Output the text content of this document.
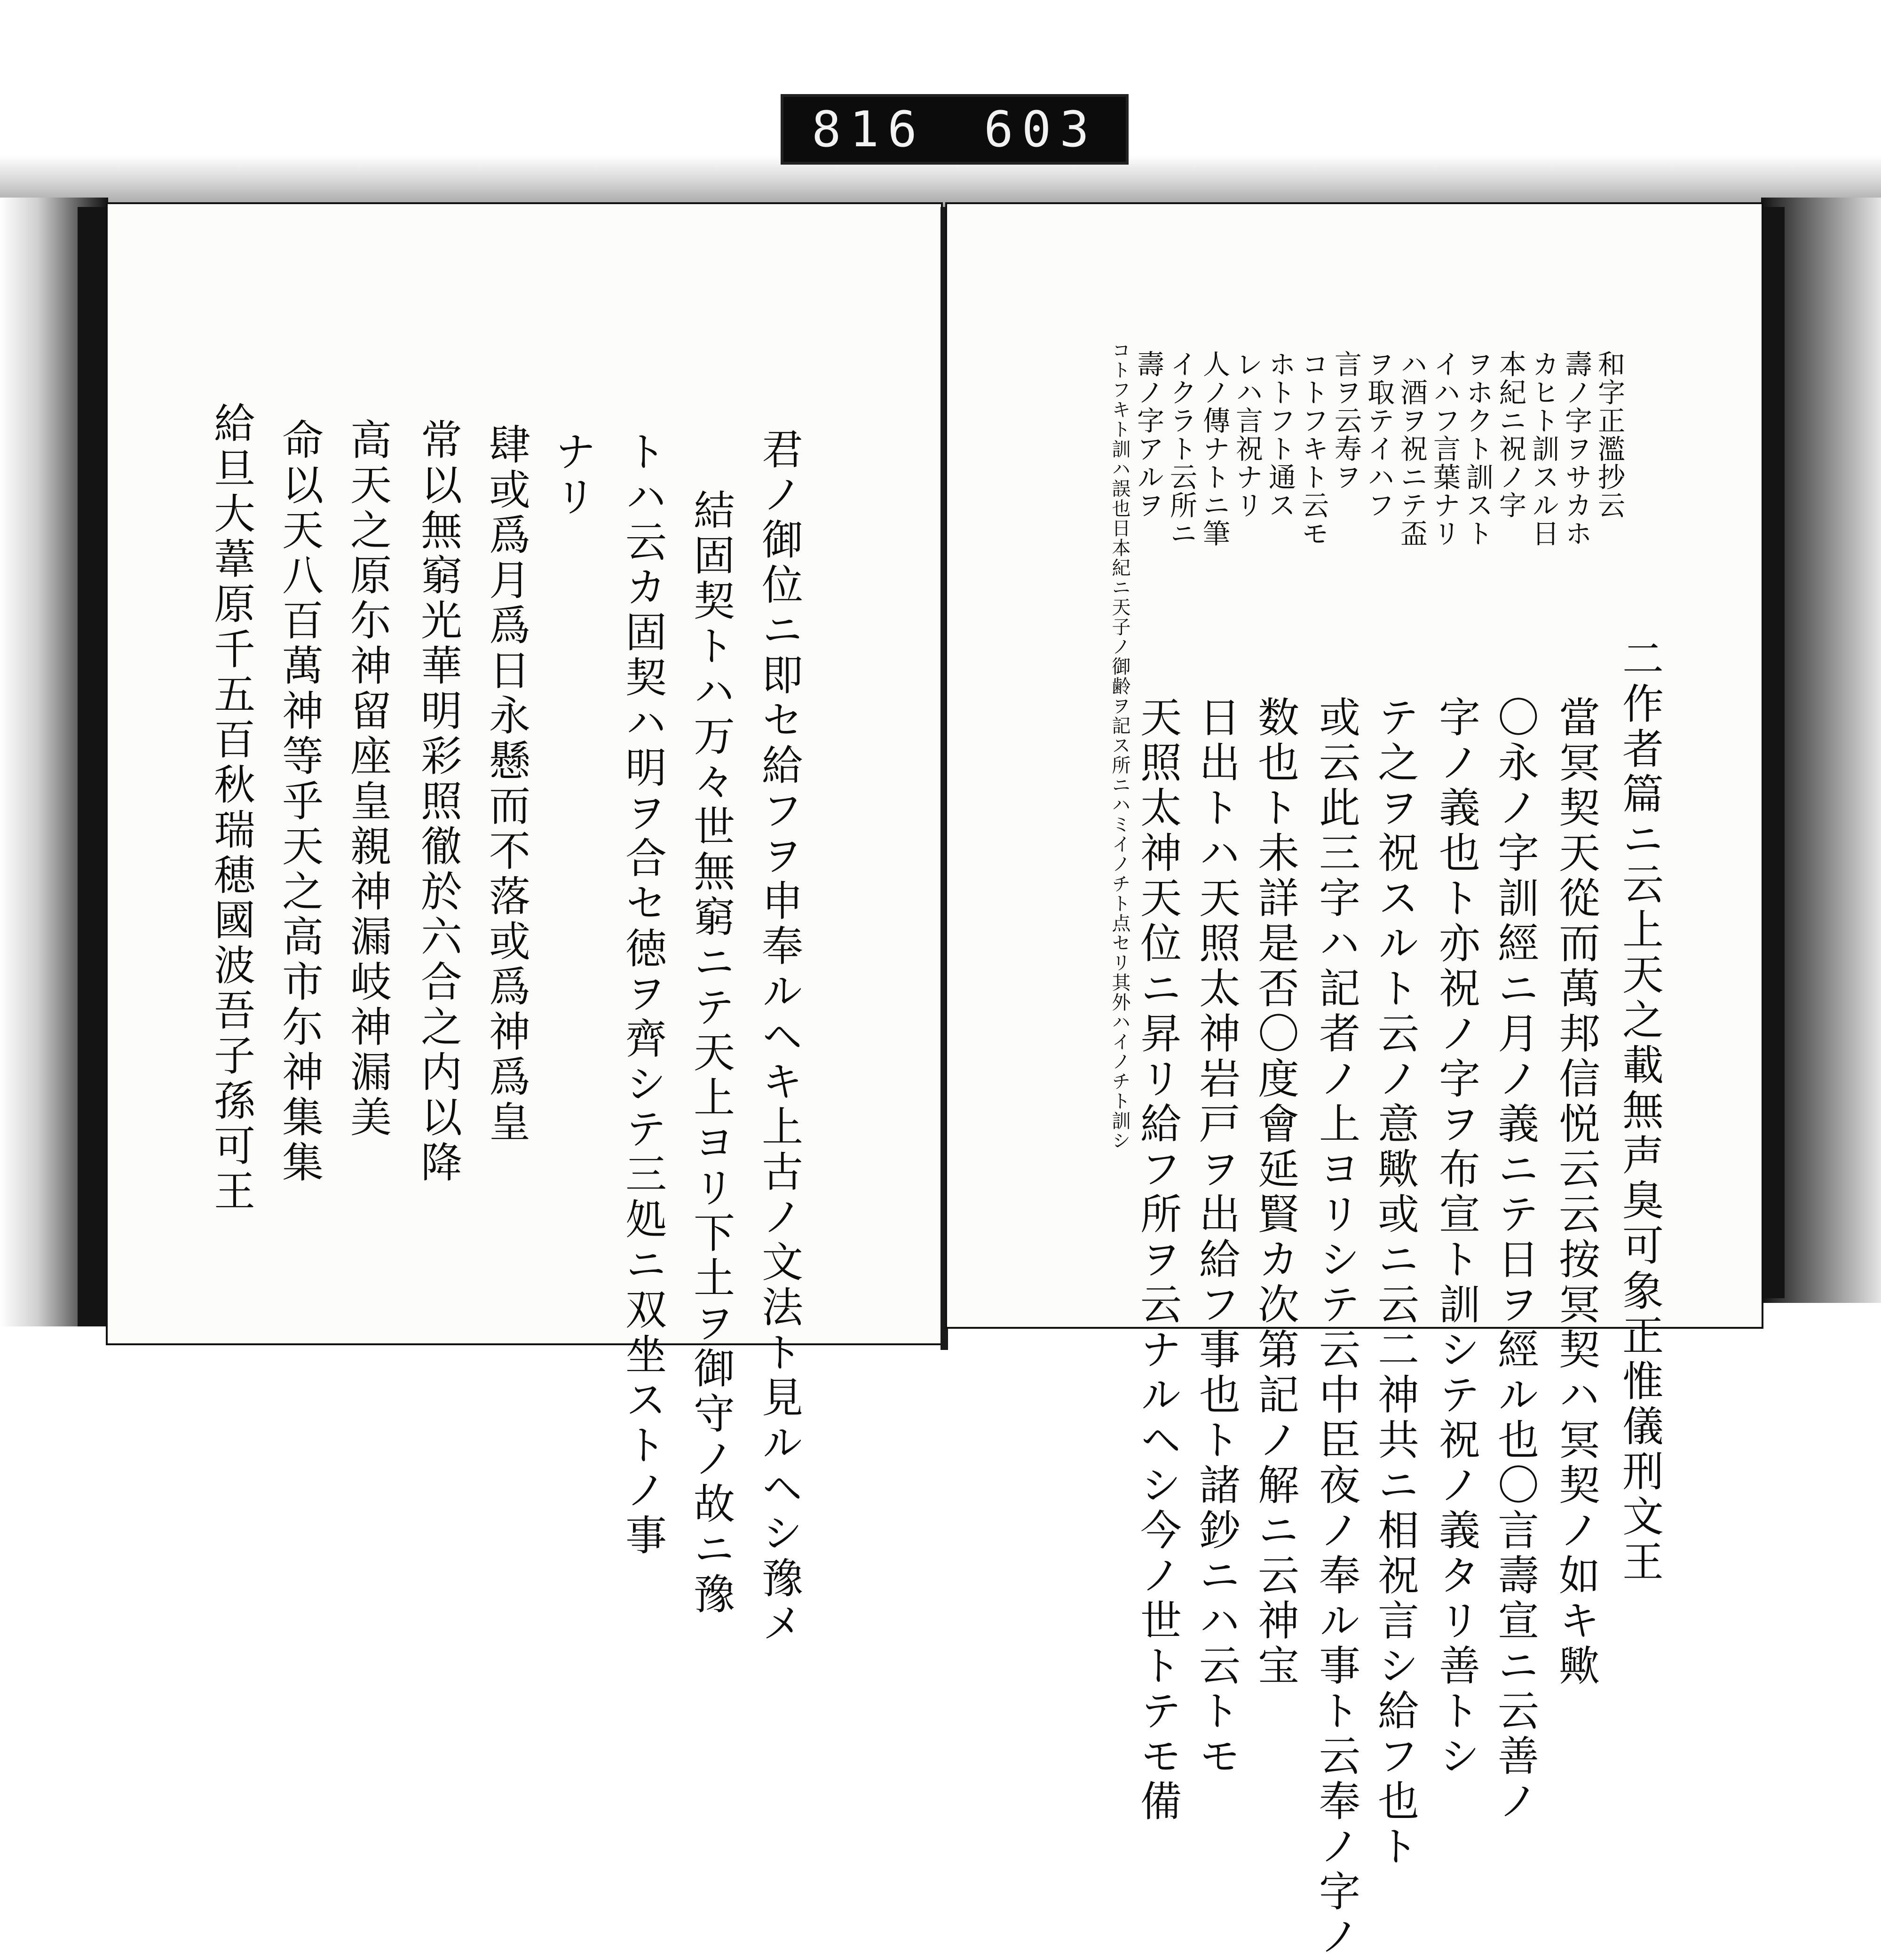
816 603
君ノ御位ニ即セ給フヲ申奉ルヘキ上古ノ文法ト見ルヘシ豫メ
結固契トハ万々世無窮ニテ天上ヨリ下土ヲ御守ノ故ニ豫
トハ云カ固契ハ明ヲ合セ徳ヲ齊シテ三処ニ双坐ストノ事
ナリ
肆或爲月爲日永懸而不落或爲神爲皇
常以無窮光華明彩照徹於六合之内以降
高天之原尓神留座皇親神漏岐神漏美
命以天八百萬神等乎天之高市尓神集集
給旦大葦原千五百秋瑞穂國波吾子孫可王	和字正濫抄云
壽ノ字ヲサカホ
カヒト訓スル日
本紀ニ祝ノ字
ヲホクト訓スト
イハフ言葉ナリ
ハ酒ヲ祝ニテ盃
ヲ取テイハフ
言ヲ云寿ヲ
コトフキト云モ
ホトフト通ス
レハ言祝ナリ
人ノ傳ナトニ筆
イクラト云所ニ
壽ノ字アルヲ
コトフキト訓ハ誤也日本紀ニ天子ノ御齢ヲ記ス所ニハミイノチト点セリ其外ハイノチト訓シ	二作者篇ニ云上天之載無声臭可象正惟儀刑文王
當冥契天從而萬邦信悦云云按冥契ハ冥契ノ如キ歟
〇永ノ字訓經ニ月ノ義ニテ日ヲ經ル也〇言壽宣ニ云善ノ
字ノ義也ト亦祝ノ字ヲ布宣ト訓シテ祝ノ義タリ善トシ
テ之ヲ祝スルト云ノ意歟或ニ云二神共ニ相祝言シ給フ也ト
或云此三字ハ記者ノ上ヨリシテ云中臣夜ノ奉ル事ト云奉ノ字ノ
数也ト未詳是否〇度會延賢カ次第記ノ解ニ云神宝
日出トハ天照太神岩戸ヲ出給フ事也ト諸鈔ニハ云トモ
天照太神天位ニ昇リ給フ所ヲ云ナルヘシ今ノ世トテモ備
